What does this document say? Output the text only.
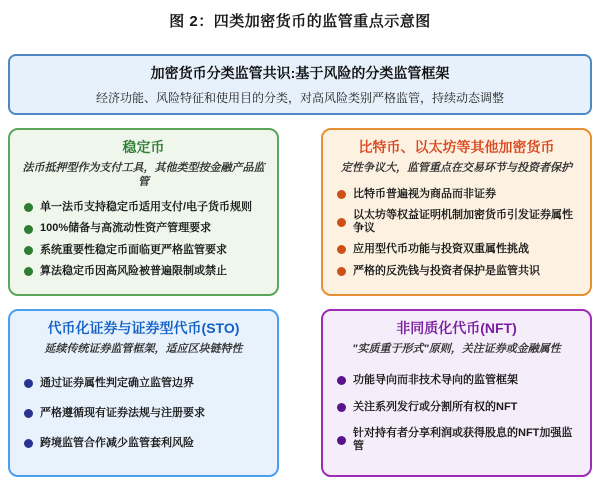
图 2：四类加密货币的监管重点示意图
加密货币分类监管共识:基于风险的分类监管框架
经济功能、风险特征和使用目的分类，对高风险类别严格监管，持续动态调整
稳定币
法币抵押型作为支付工具，其他类型按金融产品监管
单一法币支持稳定币适用支付/电子货币规则
100%储备与高流动性资产管理要求
系统重要性稳定币面临更严格监管要求
算法稳定币因高风险被普遍限制或禁止
比特币、以太坊等其他加密货币
定性争议大，监管重点在交易环节与投资者保护
比特币普遍视为商品而非证券
以太坊等权益证明机制加密货币引发证券属性争议
应用型代币功能与投资双重属性挑战
严格的反洗钱与投资者保护是监管共识
代币化证券与证券型代币(STO)
延续传统证券监管框架，适应区块链特性
通过证券属性判定确立监管边界
严格遵循现有证券法规与注册要求
跨境监管合作减少监管套利风险
非同质化代币(NFT)
"实质重于形式"原则，关注证券或金融属性
功能导向而非技术导向的监管框架
关注系列发行或分割所有权的NFT
针对持有者分享利润或获得股息的NFT加强监管
